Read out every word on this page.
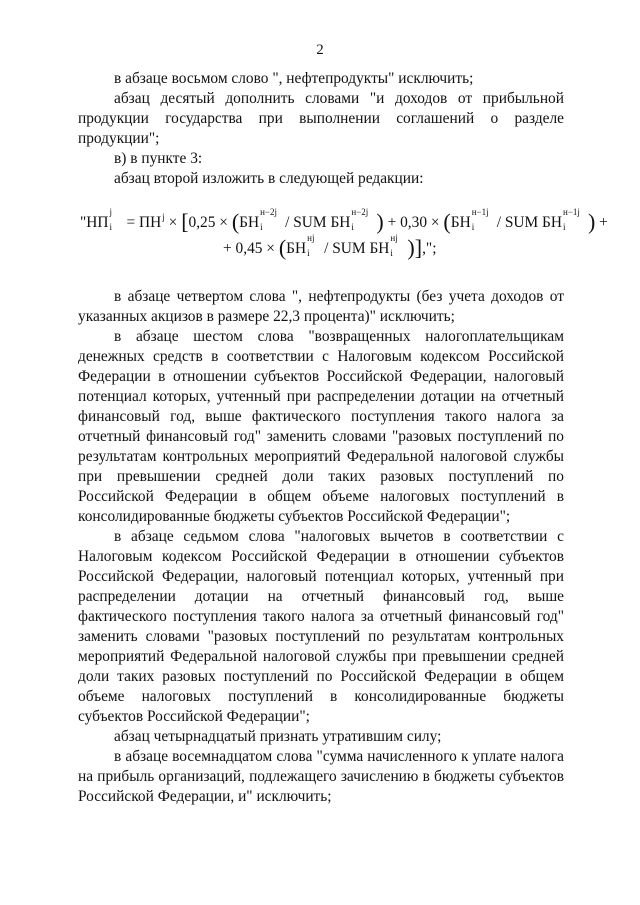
2

в абзаце восьмом слово ", нефтепродукты" исключить;

абзац десятый дополнить словами "и доходов от прибыльной продукции государства при выполнении соглашений о разделе продукции";

в) в пункте 3:

абзац второй изложить в следующей редакции:

"НП
j
$i = ПН^j \times [0,25 \times (БН$
н−2j
i / SUM БН
н−2j
i ) + 0,30 × (БН
н−1j
i / SUM БН
н−1j
i ) +
+ 0,45 × (БН
нj
i / SUM БН
нj
i )],";

в абзаце четвертом слова ", нефтепродукты (без учета доходов от указанных акцизов в размере 22,3 процента)" исключить;

в абзаце шестом слова "возвращенных налогоплательщикам денежных средств в соответствии с Налоговым кодексом Российской Федерации в отношении субъектов Российской Федерации, налоговый потенциал которых, учтенный при распределении дотации на отчетный финансовый год, выше фактического поступления такого налога за отчетный финансовый год" заменить словами "разовых поступлений по результатам контрольных мероприятий Федеральной налоговой службы при превышении средней доли таких разовых поступлений по Российской Федерации в общем объеме налоговых поступлений в консолидированные бюджеты субъектов Российской Федерации";

в абзаце седьмом слова "налоговых вычетов в соответствии с Налоговым кодексом Российской Федерации в отношении субъектов Российской Федерации, налоговый потенциал которых, учтенный при распределении дотации на отчетный финансовый год, выше фактического поступления такого налога за отчетный финансовый год" заменить словами "разовых поступлений по результатам контрольных мероприятий Федеральной налоговой службы при превышении средней доли таких разовых поступлений по Российской Федерации в общем объеме налоговых поступлений в консолидированные бюджеты субъектов Российской Федерации";

абзац четырнадцатый признать утратившим силу;

в абзаце восемнадцатом слова "сумма начисленного к уплате налога на прибыль организаций, подлежащего зачислению в бюджеты субъектов Российской Федерации, и" исключить;
